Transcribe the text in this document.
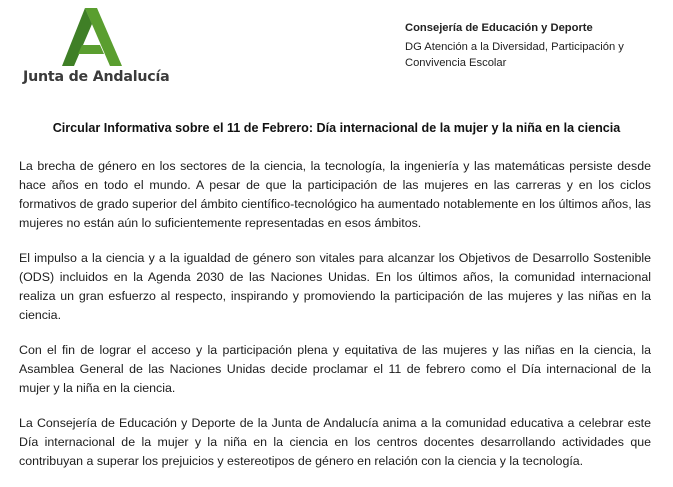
Junta de Andalucía
Consejería de Educación y Deporte
DG Atención a la Diversidad, Participación y Convivencia Escolar
Circular Informativa sobre el 11 de Febrero: Día internacional de la mujer y la niña en la ciencia

La brecha de género en los sectores de la ciencia, la tecnología, la ingeniería y las matemáticas persiste desde hace años en todo el mundo. A pesar de que la participación de las mujeres en las carreras y en los ciclos formativos de grado superior del ámbito científico-tecnológico ha aumentado notablemente en los últimos años, las mujeres no están aún lo suficientemente representadas en esos ámbitos.

El impulso a la ciencia y a la igualdad de género son vitales para alcanzar los Objetivos de Desarrollo Sostenible (ODS) incluidos en la Agenda 2030 de las Naciones Unidas. En los últimos años, la comunidad internacional realiza un gran esfuerzo al respecto, inspirando y promoviendo la participación de las mujeres y las niñas en la ciencia.

Con el fin de lograr el acceso y la participación plena y equitativa de las mujeres y las niñas en la ciencia, la Asamblea General de las Naciones Unidas decide proclamar el 11 de febrero como el Día internacional de la mujer y la niña en la ciencia.

La Consejería de Educación y Deporte de la Junta de Andalucía anima a la comunidad educativa a celebrar este Día internacional de la mujer y la niña en la ciencia en los centros docentes desarrollando actividades que contribuyan a superar los prejuicios y estereotipos de género en relación con la ciencia y la tecnología.
